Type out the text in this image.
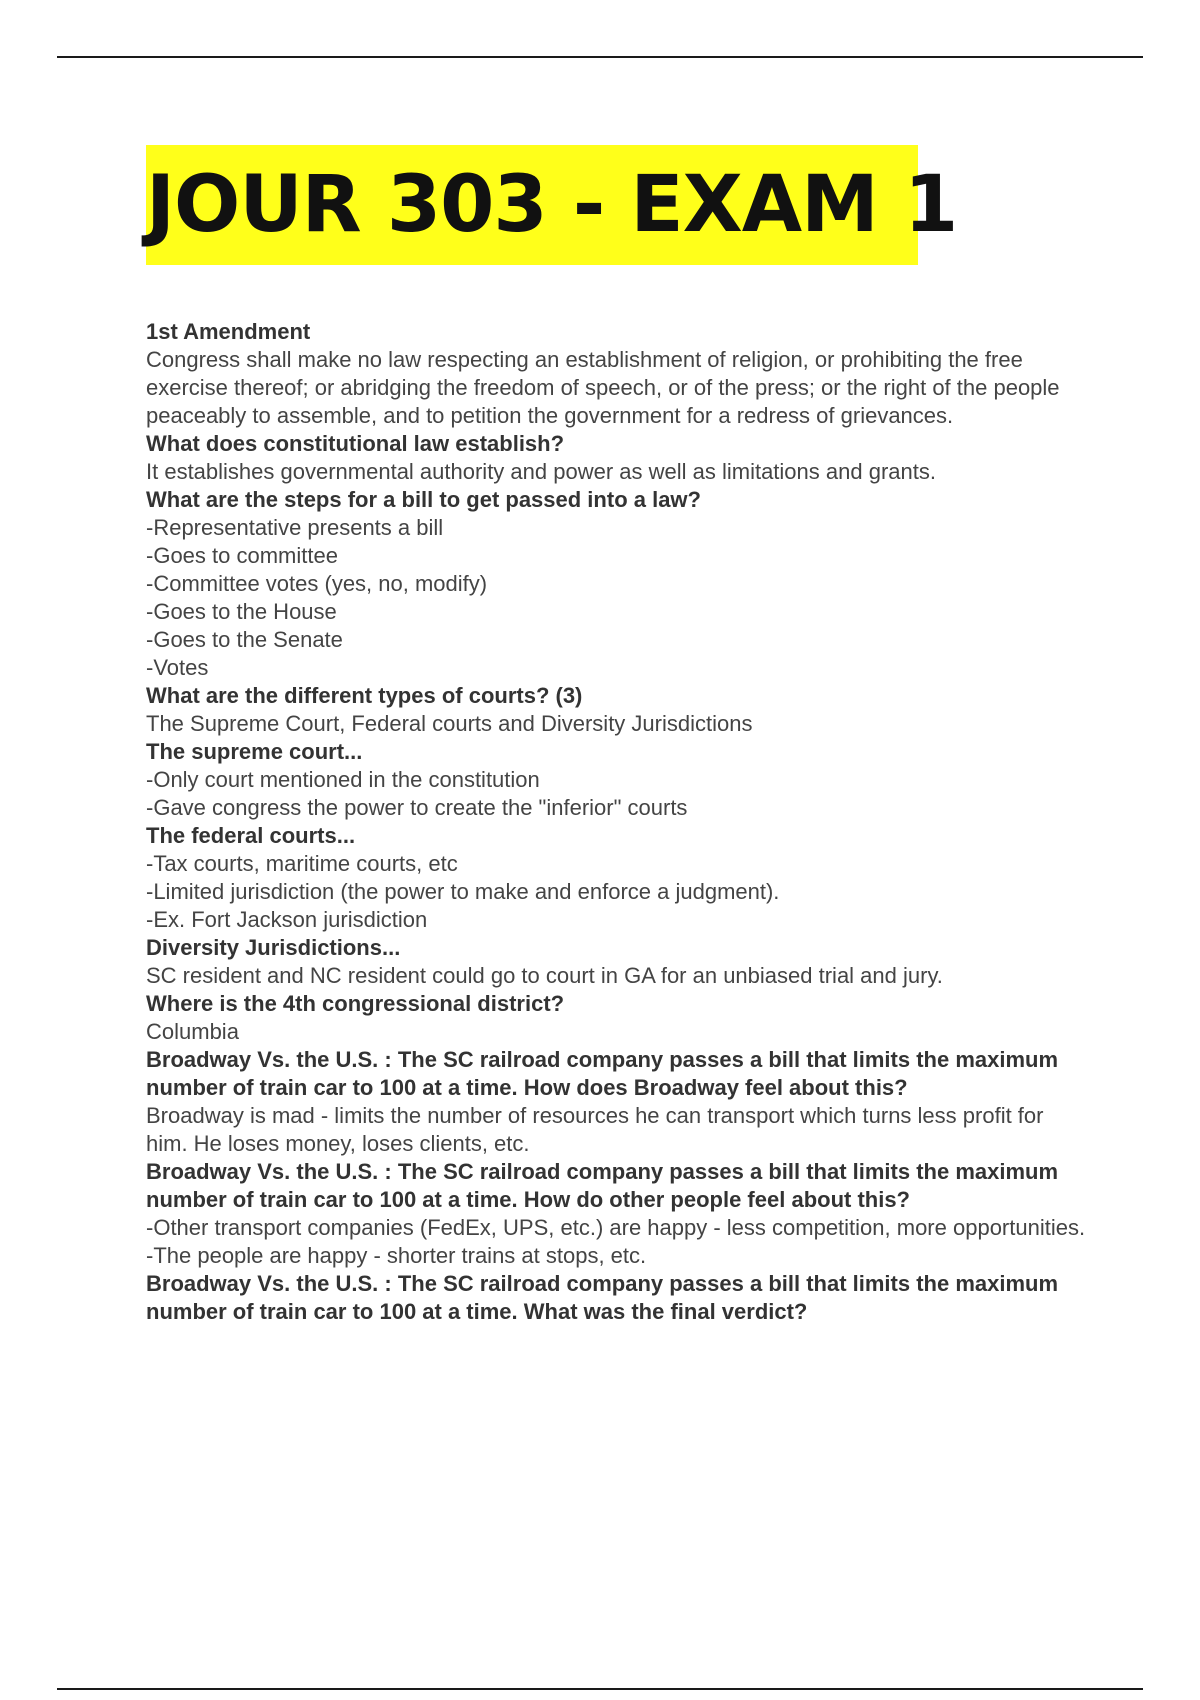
JOUR 303 - EXAM 1
1st Amendment
Congress shall make no law respecting an establishment of religion, or prohibiting the free exercise thereof; or abridging the freedom of speech, or of the press; or the right of the people peaceably to assemble, and to petition the government for a redress of grievances.
What does constitutional law establish?
It establishes governmental authority and power as well as limitations and grants.
What are the steps for a bill to get passed into a law?
-Representative presents a bill
-Goes to committee
-Committee votes (yes, no, modify)
-Goes to the House
-Goes to the Senate
-Votes
What are the different types of courts? (3)
The Supreme Court, Federal courts and Diversity Jurisdictions
The supreme court...
-Only court mentioned in the constitution
-Gave congress the power to create the "inferior" courts
The federal courts...
-Tax courts, maritime courts, etc
-Limited jurisdiction (the power to make and enforce a judgment).
-Ex. Fort Jackson jurisdiction
Diversity Jurisdictions...
SC resident and NC resident could go to court in GA for an unbiased trial and jury.
Where is the 4th congressional district?
Columbia
Broadway Vs. the U.S. : The SC railroad company passes a bill that limits the maximum number of train car to 100 at a time. How does Broadway feel about this?
Broadway is mad - limits the number of resources he can transport which turns less profit for him. He loses money, loses clients, etc.
Broadway Vs. the U.S. : The SC railroad company passes a bill that limits the maximum number of train car to 100 at a time. How do other people feel about this?
-Other transport companies (FedEx, UPS, etc.) are happy - less competition, more opportunities.
-The people are happy - shorter trains at stops, etc.
Broadway Vs. the U.S. : The SC railroad company passes a bill that limits the maximum number of train car to 100 at a time. What was the final verdict?
